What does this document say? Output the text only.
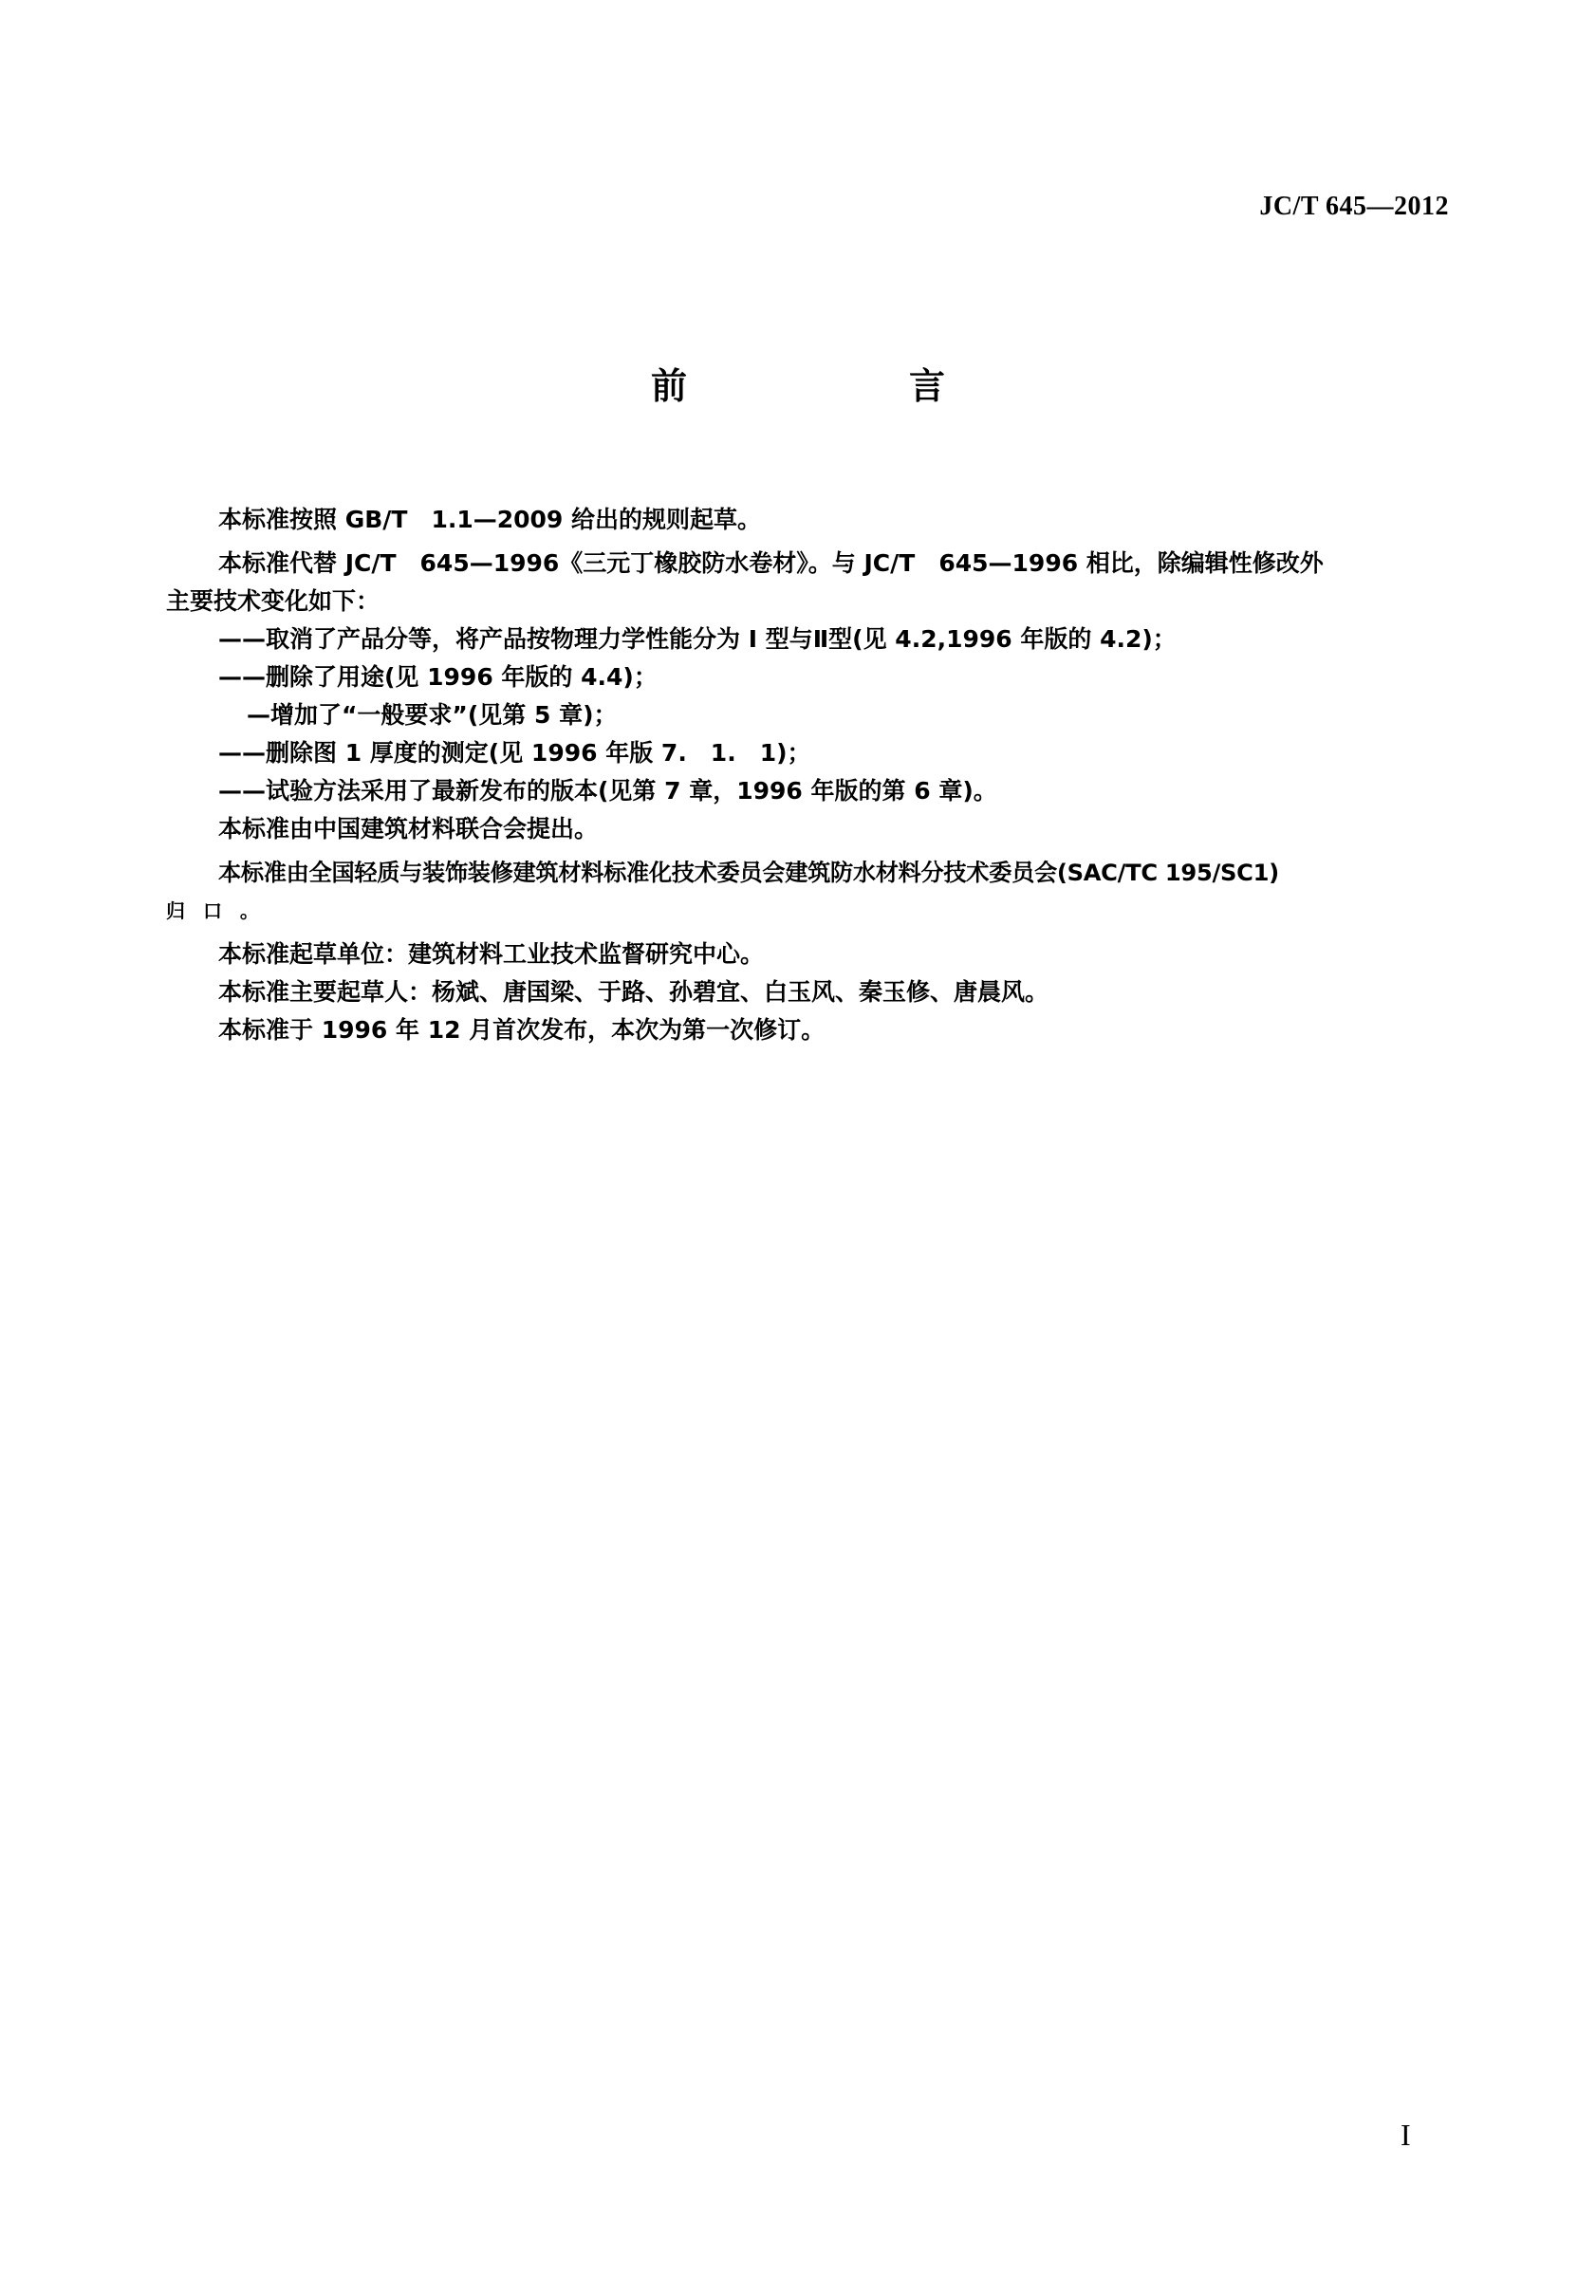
JC/T 645—2012
前　言

本标准按照 GB/T　1.1—2009 给出的规则起草。

本标准代替 JC/T　645—1996《三元丁橡胶防水卷材》。与 JC/T　645—1996 相比，除编辑性修改外

主要技术变化如下：

——取消了产品分等，将产品按物理力学性能分为 Ⅰ 型与Ⅱ型(见 4.2,1996 年版的 4.2)；

——删除了用途(见 1996 年版的 4.4)；

—增加了“一般要求”(见第 5 章)；

——删除图 1 厚度的测定(见 1996 年版 7.　1.　1)；

——试验方法采用了最新发布的版本(见第 7 章，1996 年版的第 6 章)。

本标准由中国建筑材料联合会提出。

本标准由全国轻质与装饰装修建筑材料标准化技术委员会建筑防水材料分技术委员会(SAC/TC 195/SC1)

归 口 。

本标准起草单位：建筑材料工业技术监督研究中心。

本标准主要起草人：杨斌、唐国梁、于路、孙碧宜、白玉风、秦玉修、唐晨风。

本标准于 1996 年 12 月首次发布，本次为第一次修订。

I
